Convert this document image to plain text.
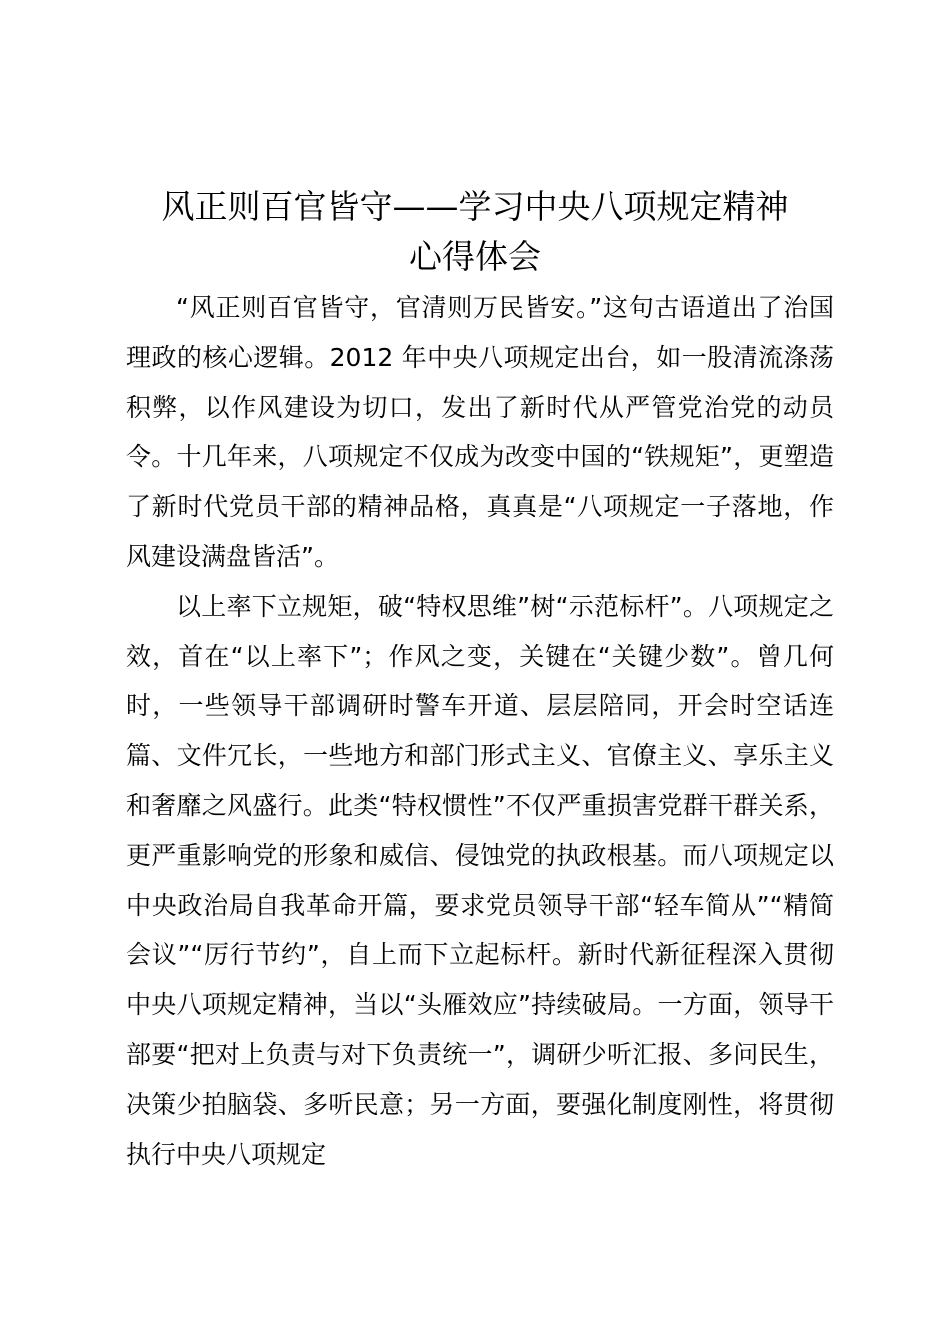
风正则百官皆守——学习中央八项规定精神
心得体会

“风正则百官皆守，官清则万民皆安。”这句古语道出了治国理政的核心逻辑。2012 年中央八项规定出台，如一股清流涤荡积弊，以作风建设为切口，发出了新时代从严管党治党的动员令。十几年来，八项规定不仅成为改变中国的“铁规矩”，更塑造了新时代党员干部的精神品格，真真是“八项规定一子落地，作风建设满盘皆活”。

以上率下立规矩，破“特权思维”树“示范标杆”。八项规定之效，首在“以上率下”；作风之变，关键在“关键少数”。曾几何时，一些领导干部调研时警车开道、层层陪同，开会时空话连篇、文件冗长，一些地方和部门形式主义、官僚主义、享乐主义和奢靡之风盛行。此类“特权惯性”不仅严重损害党群干群关系，更严重影响党的形象和威信、侵蚀党的执政根基。而八项规定以中央政治局自我革命开篇，要求党员领导干部“轻车简从”“精简会议”“厉行节约”，自上而下立起标杆。新时代新征程深入贯彻中央八项规定精神，当以“头雁效应”持续破局。一方面，领导干部要“把对上负责与对下负责统一”，调研少听汇报、多问民生，决策少拍脑袋、多听民意；另一方面，要强化制度刚性，将贯彻执行中央八项规定
